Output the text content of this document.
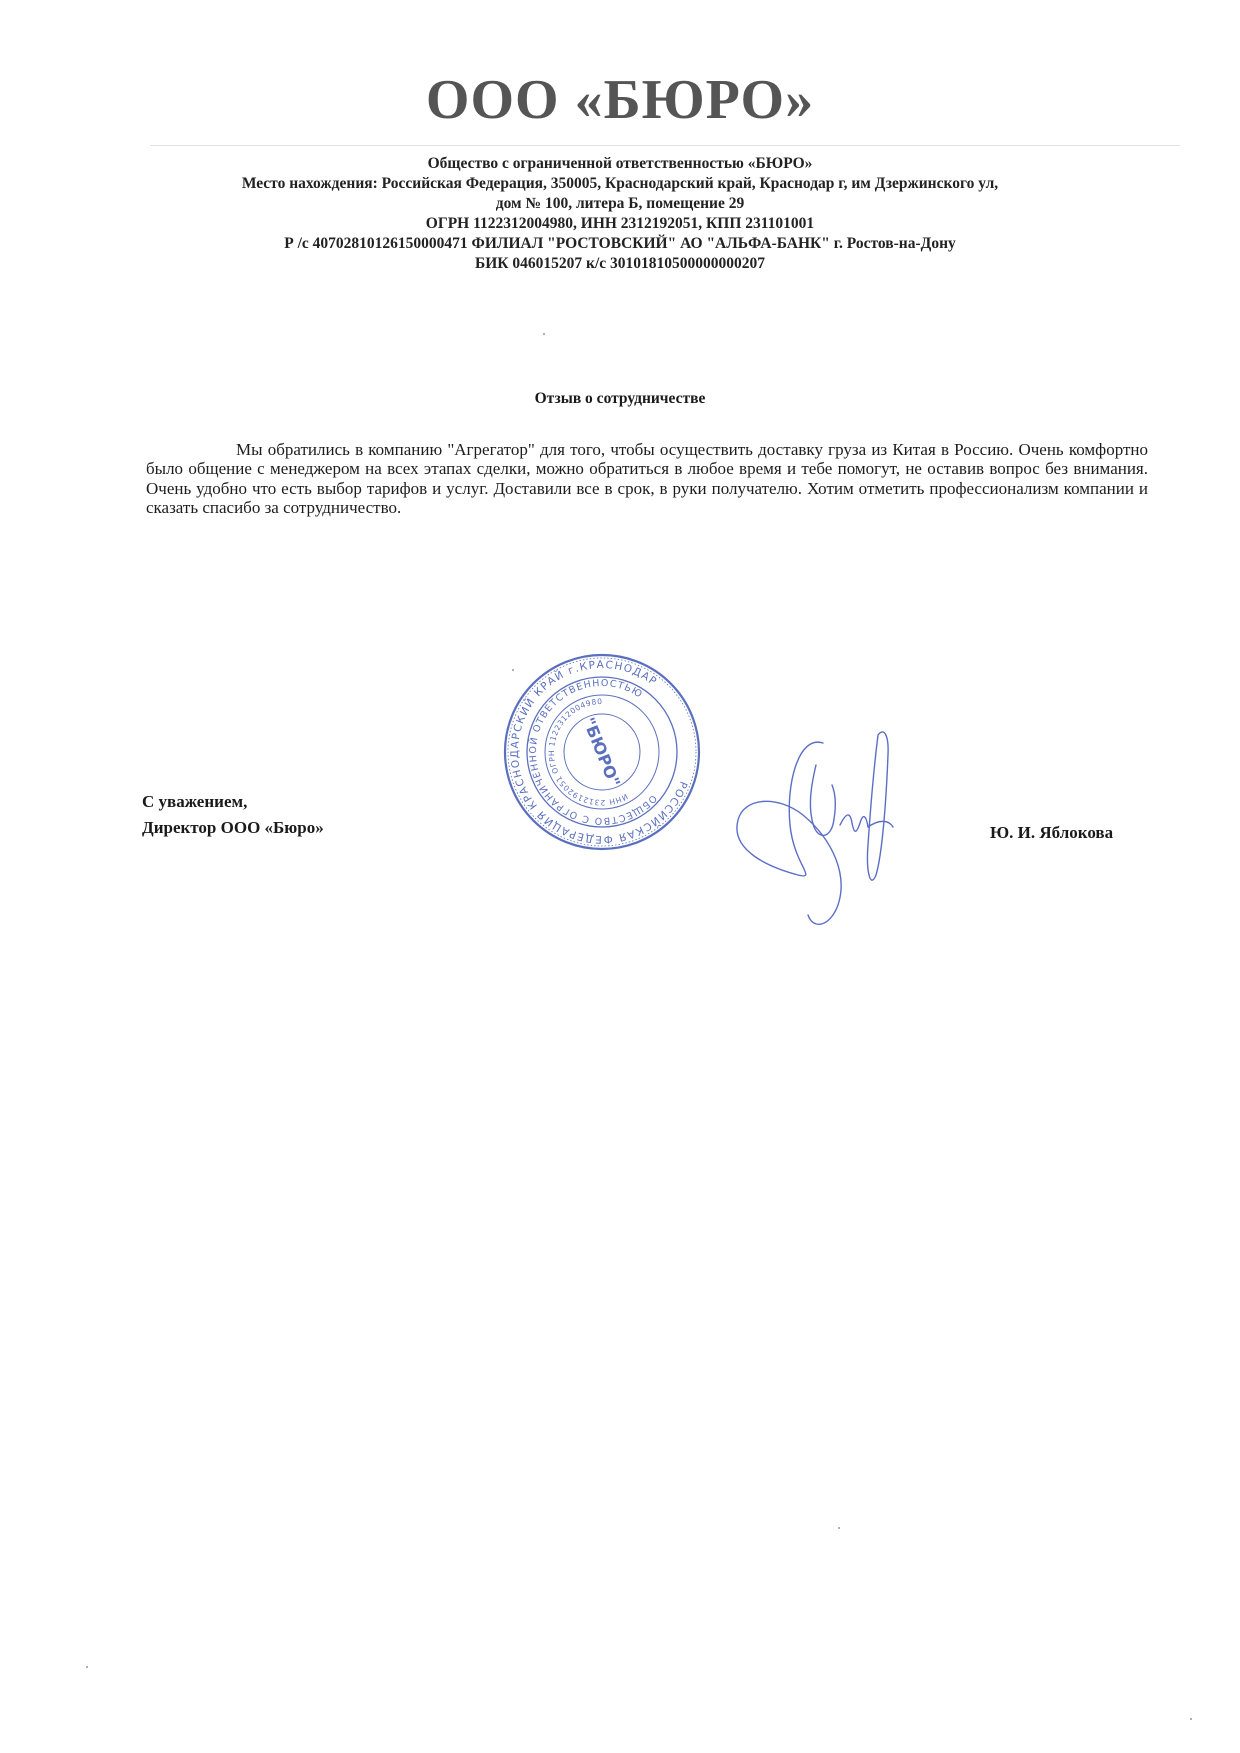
ООО «БЮРО»
Общество с ограниченной ответственностью «БЮРО»
Место нахождения: Российская Федерация, 350005, Краснодарский край, Краснодар г, им Дзержинского ул,
дом № 100, литера Б, помещение 29
ОГРН 1122312004980, ИНН 2312192051, КПП 231101001
Р /с 40702810126150000471 ФИЛИАЛ "РОСТОВСКИЙ" АО "АЛЬФА-БАНК" г. Ростов-на-Дону
БИК 046015207 к/с 30101810500000000207
Отзыв о сотрудничестве
Мы обратились в компанию "Агрегатор" для того, чтобы осуществить доставку груза из Китая в Россию. Очень комфортно было общение с менеджером на всех этапах сделки, можно обратиться в любое время и тебе помогут, не оставив вопрос без внимания. Очень удобно что есть выбор тарифов и услуг. Доставили все в срок, в руки получателю. Хотим отметить профессионализм компании и сказать спасибо за сотрудничество.
С уважением,
Директор ООО «Бюро»	Ю. И. Яблокова
РОССИЙСКАЯ ФЕДЕРАЦИЯ КРАСНОДАРСКИЙ КРАЙ г.КРАСНОДАР
ОБЩЕСТВО С ОГРАНИЧЕННОЙ ОТВЕТСТВЕННОСТЬЮ
ИНН 2312192051 ОГРН 1122312004980
"БЮРО"
